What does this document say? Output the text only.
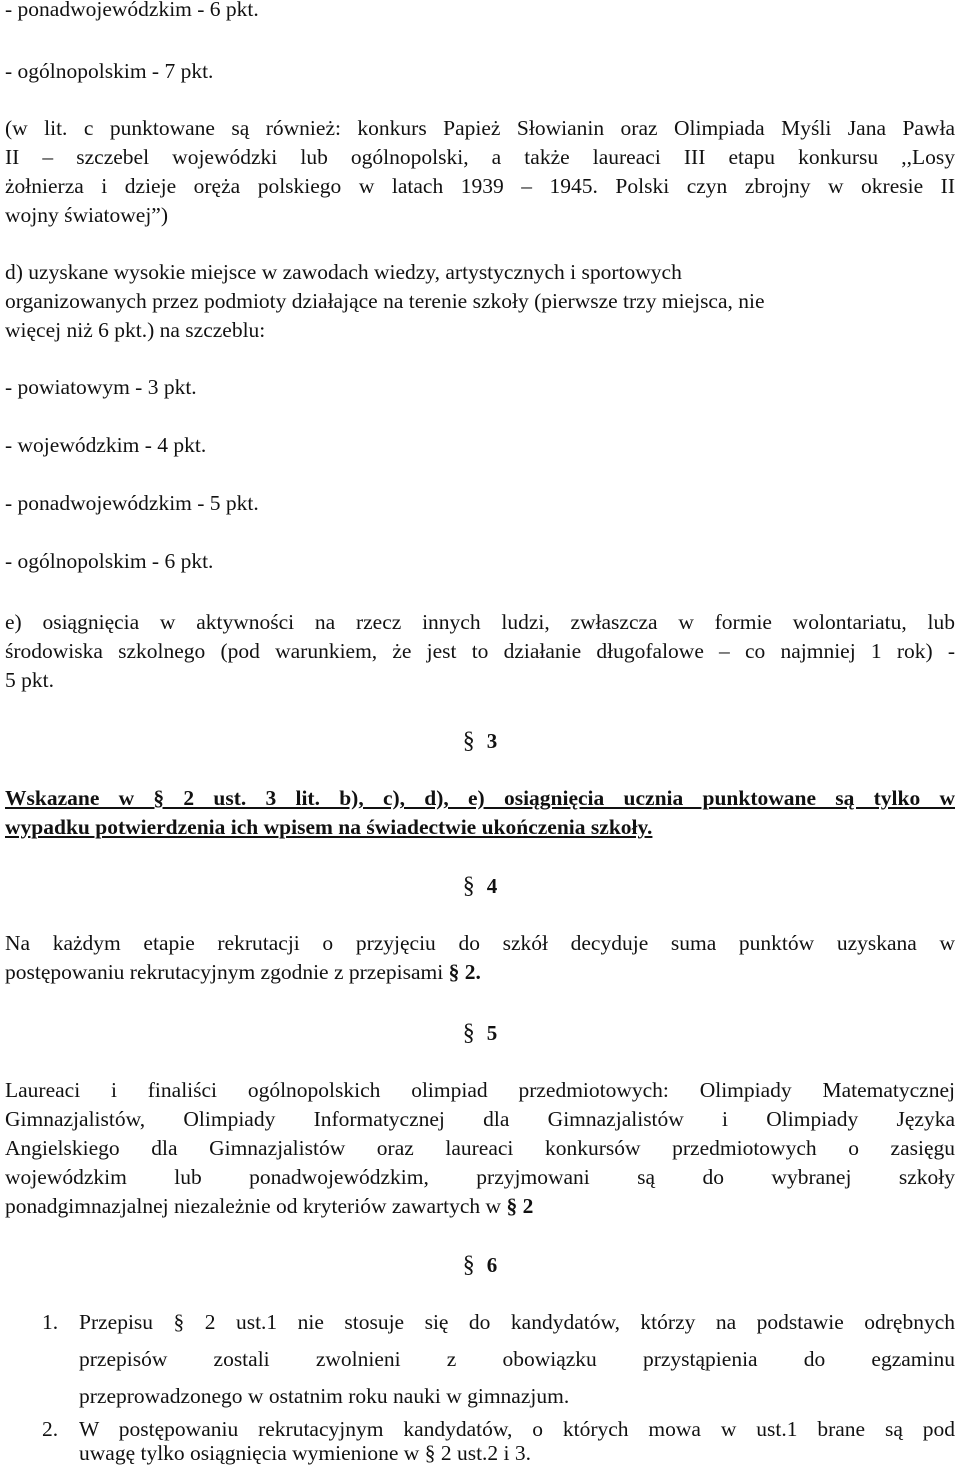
- ponadwojewódzkim - 6 pkt.

- ogólnopolskim - 7 pkt.

(w lit. c punktowane są również: konkurs Papież Słowianin oraz Olimpiada Myśli Jana Pawła

II – szczebel wojewódzki lub ogólnopolski, a także laureaci III etapu konkursu ,,Losy

żołnierza i dzieje oręża polskiego w latach 1939 – 1945. Polski czyn zbrojny w okresie II

wojny światowej”)

d) uzyskane wysokie miejsce w zawodach wiedzy, artystycznych i sportowych

organizowanych przez podmioty działające na terenie szkoły (pierwsze trzy miejsca, nie

więcej niż 6 pkt.) na szczeblu:

- powiatowym - 3 pkt.

- wojewódzkim - 4 pkt.

- ponadwojewódzkim - 5 pkt.

- ogólnopolskim - 6 pkt.

e) osiągnięcia w aktywności na rzecz innych ludzi, zwłaszcza w formie wolontariatu, lub

środowiska szkolnego (pod warunkiem, że jest to działanie długofalowe – co najmniej 1 rok) -

5 pkt.

§ 3

Wskazane w § 2 ust. 3 lit. b), c), d), e) osiągnięcia ucznia punktowane są tylko w

wypadku potwierdzenia ich wpisem na świadectwie ukończenia szkoły.

§ 4

Na każdym etapie rekrutacji o przyjęciu do szkół decyduje suma punktów uzyskana w

postępowaniu rekrutacyjnym zgodnie z przepisami § 2.

§ 5

Laureaci i finaliści ogólnopolskich olimpiad przedmiotowych: Olimpiady Matematycznej

Gimnazjalistów, Olimpiady Informatycznej dla Gimnazjalistów i Olimpiady Języka

Angielskiego dla Gimnazjalistów oraz laureaci konkursów przedmiotowych o zasięgu

wojewódzkim lub ponadwojewódzkim, przyjmowani są do wybranej szkoły

ponadgimnazjalnej niezależnie od kryteriów zawartych w § 2

§ 6

1. Przepisu § 2 ust.1 nie stosuje się do kandydatów, którzy na podstawie odrębnych
przepisów zostali zwolnieni z obowiązku przystąpienia do egzaminu
przeprowadzonego w ostatnim roku nauki w gimnazjum.
2. W postępowaniu rekrutacyjnym kandydatów, o których mowa w ust.1 brane są pod
uwagę tylko osiągnięcia wymienione w § 2 ust.2 i 3.
